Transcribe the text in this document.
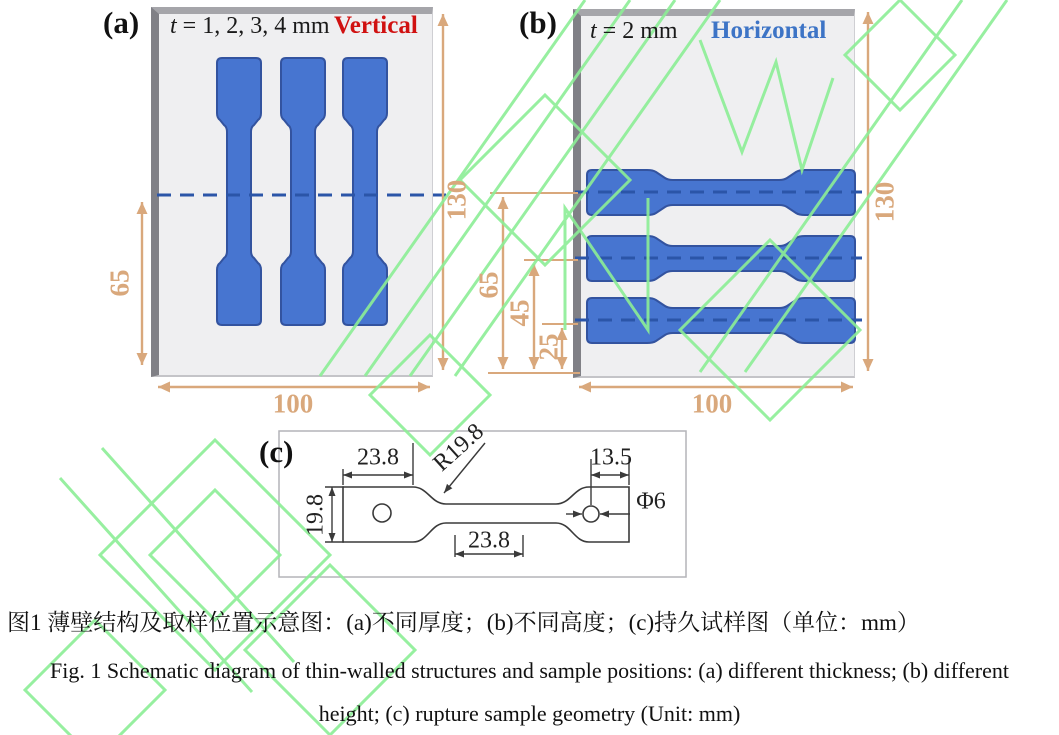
(a) t = 1, 2, 3, 4 mm Vertical	(b) t = 2 mm Horizontal
65
130
100
65
45
25
130
100
(c)	23.8 R19.8	13.5
Φ6
19.8
23.8
图1 薄壁结构及取样位置示意图：(a)不同厚度；(b)不同高度；(c)持久试样图（单位：mm）
Fig. 1 Schematic diagram of thin-walled structures and sample positions: (a) different thickness; (b) different
height; (c) rupture sample geometry (Unit: mm)
